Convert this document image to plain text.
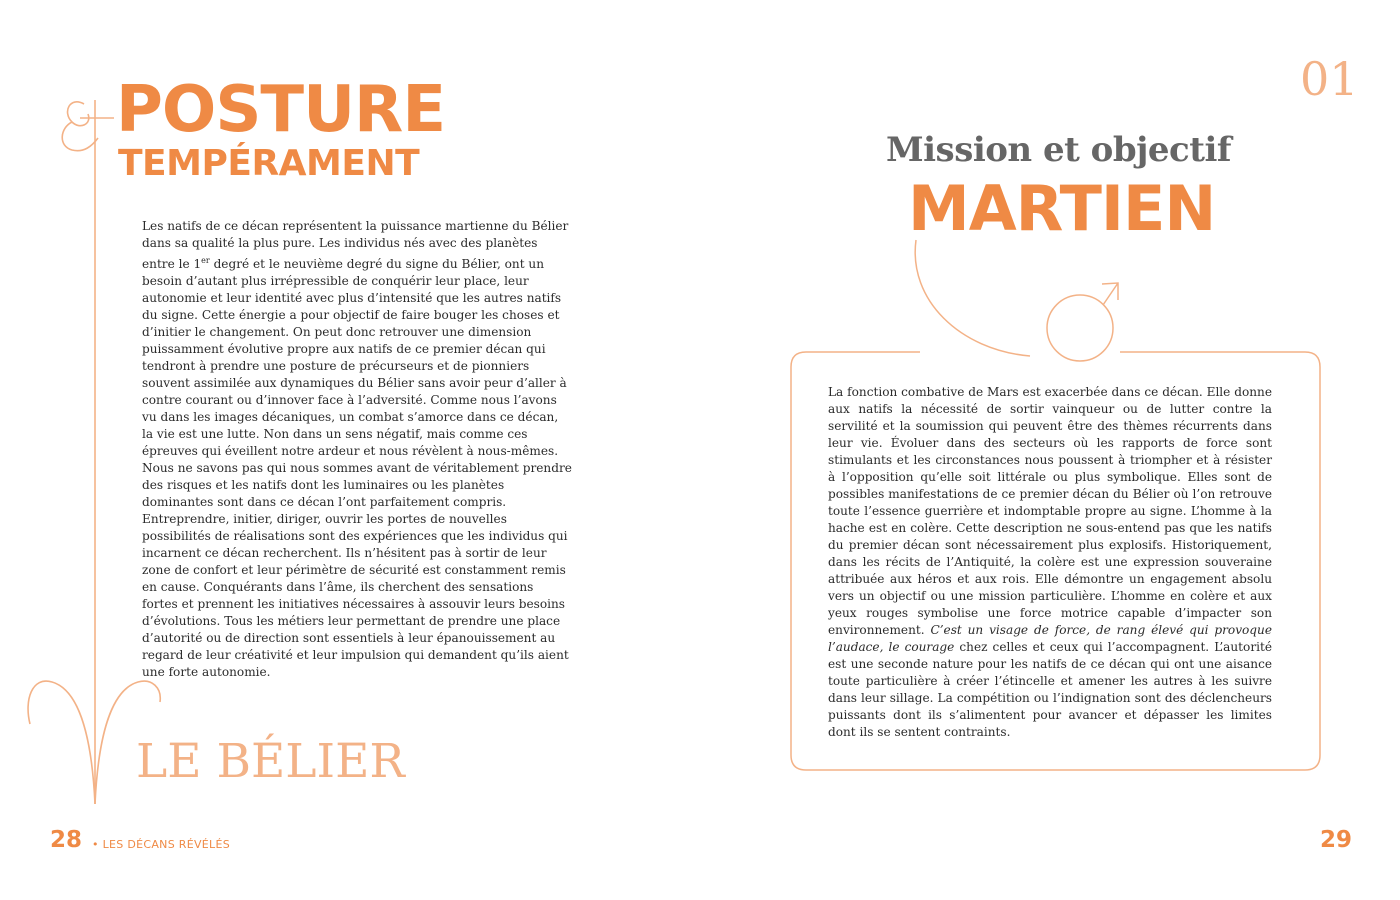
POSTURE
TEMPÉRAMENT

Les natifs de ce décan représentent la puissance martienne du Bélier dans sa qualité la plus pure. Les individus nés avec des planètes entre le 1er degré et le neuvième degré du signe du Bélier, ont un besoin d’autant plus irrépressible de conquérir leur place, leur autonomie et leur identité avec plus d’intensité que les autres natifs du signe. Cette énergie a pour objectif de faire bouger les choses et d’initier le changement. On peut donc retrouver une dimension puissamment évolutive propre aux natifs de ce premier décan qui tendront à prendre une posture de précurseurs et de pionniers souvent assimilée aux dynamiques du Bélier sans avoir peur d’aller à contre courant ou d’innover face à l’adversité. Comme nous l’avons vu dans les images décaniques, un combat s’amorce dans ce décan, la vie est une lutte. Non dans un sens négatif, mais comme ces épreuves qui éveillent notre ardeur et nous révèlent à nous-mêmes. Nous ne savons pas qui nous sommes avant de véritablement prendre des risques et les natifs dont les luminaires ou les planètes dominantes sont dans ce décan l’ont parfaitement compris. Entreprendre, initier, diriger, ouvrir les portes de nouvelles possibilités de réalisations sont des expériences que les individus qui incarnent ce décan recherchent. Ils n’hésitent pas à sortir de leur zone de confort et leur périmètre de sécurité est constamment remis en cause. Conquérants dans l’âme, ils cherchent des sensations fortes et prennent les initiatives nécessaires à assouvir leurs besoins d’évolutions. Tous les métiers leur permettant de prendre une place d’autorité ou de direction sont essentiels à leur épanouissement au regard de leur créativité et leur impulsion qui demandent qu’ils aient une forte autonomie.

LE BÉLIER
28 • LES DÉCANS RÉVÉLÉS
01
Mission et objectif
MARTIEN

La fonction combative de Mars est exacerbée dans ce décan. Elle donne aux natifs la nécessité de sortir vainqueur ou de lutter contre la servilité et la soumission qui peuvent être des thèmes récurrents dans leur vie. Évoluer dans des secteurs où les rapports de force sont stimulants et les circonstances nous poussent à triompher et à résister à l’opposition qu’elle soit littérale ou plus symbolique. Elles sont de possibles manifestations de ce premier décan du Bélier où l’on retrouve toute l’essence guerrière et indomptable propre au signe. L’homme à la hache est en colère. Cette description ne sous-entend pas que les natifs du premier décan sont nécessairement plus explosifs. Historiquement, dans les récits de l’Antiquité, la colère est une expression souveraine attribuée aux héros et aux rois. Elle démontre un engagement absolu vers un objectif ou une mission particulière. L’homme en colère et aux yeux rouges symbolise une force motrice capable d’impacter son environnement. C’est un visage de force, de rang élevé qui provoque l’audace, le courage chez celles et ceux qui l’accompagnent. L’autorité est une seconde nature pour les natifs de ce décan qui ont une aisance toute particulière à créer l’étincelle et amener les autres à les suivre dans leur sillage. La compétition ou l’indignation sont des déclencheurs puissants dont ils s’alimentent pour avancer et dépasser les limites dont ils se sentent contraints.

29
